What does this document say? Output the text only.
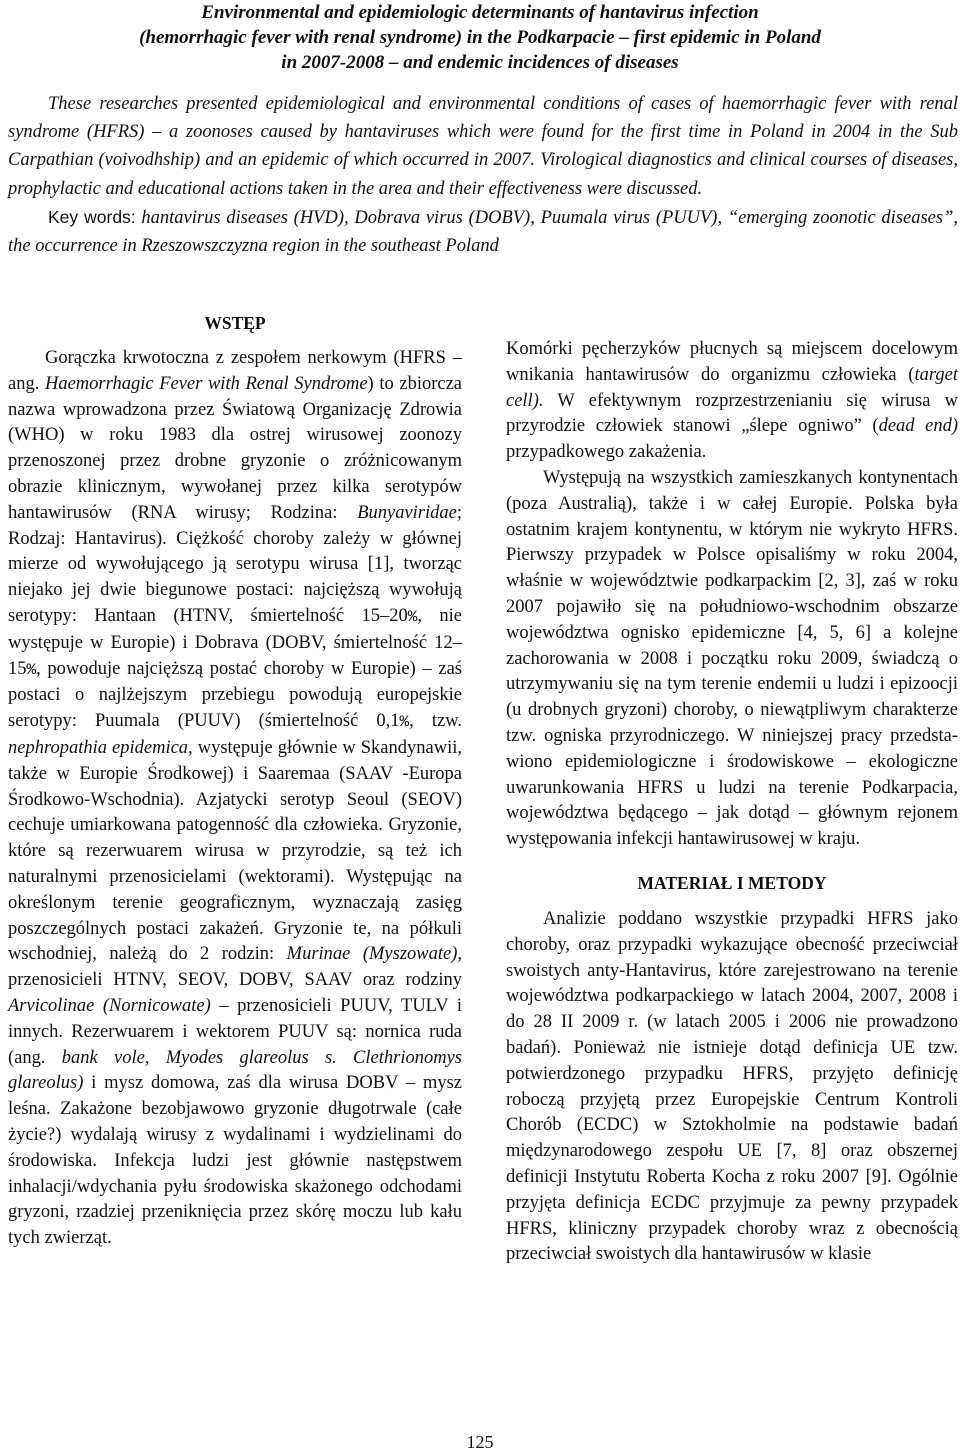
Environmental and epidemiologic determinants of hantavirus infection
(hemorrhagic fever with renal syndrome) in the Podkarpacie – first epidemic in Poland
in 2007-2008 – and endemic incidences of diseases

These researches presented epidemiological and environmental conditions of cases of haemorrhagic fever with renal syndrome (HFRS) – a zoonoses caused by hantaviruses which were found for the first time in Poland in 2004 in the Sub Carpathian (voivodhship) and an epidemic of which occurred in 2007. Virological diagnostics and clinical courses of diseases, prophylactic and educational actions taken in the area and their effectiveness were discussed.

Key words: hantavirus diseases (HVD), Dobrava virus (DOBV), Puumala virus (PUUV), “emerging zoonotic diseases”, the occurrence in Rzeszowszczyzna region in the southeast Poland

WSTĘP

Gorączka krwotoczna z zespołem nerkowym (HFRS – ang. Haemorrhagic Fever with Renal Syndrome) to zbiorcza nazwa wprowadzona przez Światową Organizację Zdrowia (WHO) w roku 1983 dla ostrej wirusowej zoonozy przenoszonej przez drobne gryzonie o zróżnicowanym obrazie klinicznym, wywołanej przez kilka serotypów hantawirusów (RNA wirusy; Rodzina: Bunyaviridae; Rodzaj: Hantavirus). Ciężkość choroby zależy w głównej mierze od wywołującego ją serotypu wirusa [1], tworząc niejako jej dwie biegunowe postaci: najcięższą wywołują serotypy: Hantaan (HTNV, śmiertelność 15–20%, nie występuje w Europie) i Dobrava (DOBV, śmiertelność 12–15%, powoduje najcięższą postać choroby w Europie) – zaś postaci o najlżejszym przebiegu powodują europejskie serotypy: Puumala (PUUV) (śmiertelność 0,1%, tzw. nephropathia epidemica, występuje głównie w Skandynawii, także w Europie Środkowej) i Saaremaa (SAAV -Europa Środkowo-Wschodnia). Azjatycki serotyp Seoul (SEOV) cechuje umiarkowana patogenność dla człowieka. Gryzonie, które są rezerwuarem wirusa w przyrodzie, są też ich naturalnymi przenosicielami (wektorami). Występując na określonym terenie geograficznym, wyznaczają zasięg poszczególnych postaci zakażeń. Gryzonie te, na półkuli wschodniej, należą do 2 rodzin: Murinae (Myszowate), przenosicieli HTNV, SEOV, DOBV, SAAV oraz rodziny Arvicolinae (Nornicowate) – przenosicieli PUUV, TULV i innych. Rezerwuarem i wektorem PUUV są: nornica ruda (ang. bank vole, Myodes glareolus s. Clethrionomys glareolus) i mysz domowa, zaś dla wirusa DOBV – mysz leśna. Zakażone bezobjawowo gryzonie długotrwale (całe życie?) wydalają wirusy z wydalinami i wydzielinami do środowiska. Infekcja ludzi jest głównie następstwem inhalacji/wdychania pyłu środowiska skażonego odchodami gryzoni, rzadziej przeniknięcia przez skórę moczu lub kału tych zwierząt.

Komórki pęcherzyków płucnych są miejscem docelowym wnikania hantawirusów do organizmu człowieka (target cell). W efektywnym rozprzestrzenianiu się wirusa w przyrodzie człowiek stanowi „ślepe ogniwo” (dead end) przypadkowego zakażenia.

Występują na wszystkich zamieszkanych kontynentach (poza Australią), także i w całej Europie. Polska była ostatnim krajem kontynentu, w którym nie wykryto HFRS. Pierwszy przypadek w Polsce opisaliśmy w roku 2004, właśnie w województwie podkarpackim [2, 3], zaś w roku 2007 pojawiło się na południowo-wschodnim obszarze województwa ognisko epidemiczne [4, 5, 6] a kolejne zachorowania w 2008 i początku roku 2009, świadczą o utrzymywaniu się na tym terenie endemii u ludzi i epizoocji (u drobnych gryzoni) choroby, o niewątpliwym charakterze tzw. ogniska przyrodniczego. W niniejszej pracy przedstawiono epidemiologiczne i środowiskowe – ekologiczne uwarunkowania HFRS u ludzi na terenie Podkarpacia, województwa będącego – jak dotąd – głównym rejonem występowania infekcji hantawirusowej w kraju.

MATERIAŁ I METODY

Analizie poddano wszystkie przypadki HFRS jako choroby, oraz przypadki wykazujące obecność przeciwciał swoistych anty-Hantavirus, które zarejestrowano na terenie województwa podkarpackiego w latach 2004, 2007, 2008 i do 28 II 2009 r. (w latach 2005 i 2006 nie prowadzono badań). Ponieważ nie istnieje dotąd definicja UE tzw. potwierdzonego przypadku HFRS, przyjęto definicję roboczą przyjętą przez Europejskie Centrum Kontroli Chorób (ECDC) w Sztokholmie na podstawie badań międzynarodowego zespołu UE [7, 8] oraz obszernej definicji Instytutu Roberta Kocha z roku 2007 [9]. Ogólnie przyjęta definicja ECDC przyjmuje za pewny przypadek HFRS, kliniczny przypadek choroby wraz z obecnością przeciwciał swoistych dla hantawirusów w klasie

125
